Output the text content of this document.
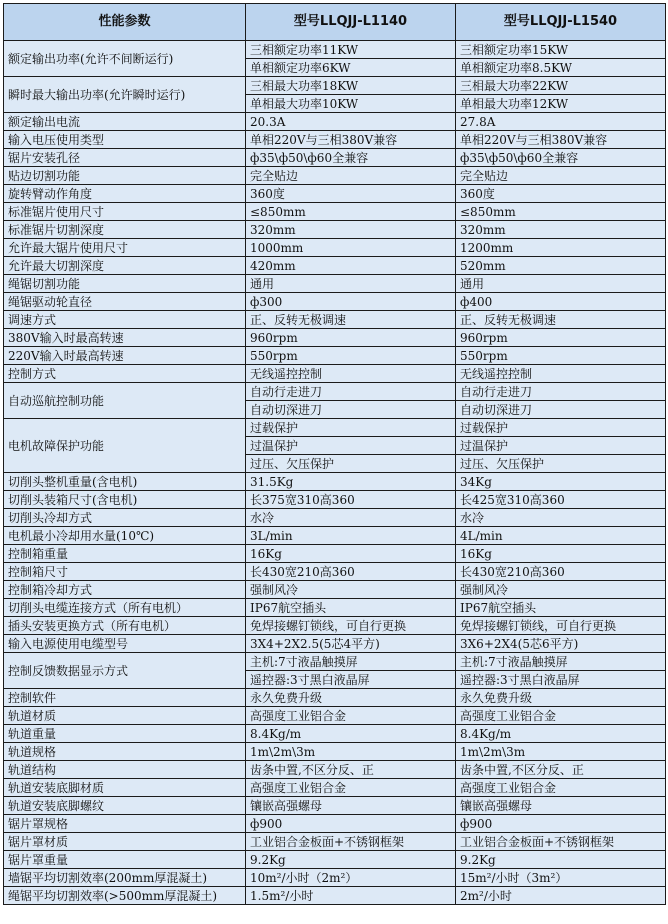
性能参数	型号LLQJJ-L1140	型号LLQJJ-L1540
额定输出功率(允许不间断运行)	三相额定功率11KW	三相额定功率15KW
	单相额定功率6KW	单相额定功率8.5KW
瞬时最大输出功率(允许瞬时运行)	三相最大功率18KW	三相最大功率22KW
	单相最大功率10KW	单相最大功率12KW
额定输出电流	20.3A	27.8A
输入电压使用类型	单相220V与三相380V兼容	单相220V与三相380V兼容
锯片安装孔径	ф35\ф50\ф60全兼容	ф35\ф50\ф60全兼容
贴边切割功能	完全贴边	完全贴边
旋转臂动作角度	360度	360度
标准锯片使用尺寸	≤850mm	≤850mm
标准锯片切割深度	320mm	320mm
允许最大锯片使用尺寸	1000mm	1200mm
允许最大切割深度	420mm	520mm
绳锯切割功能	通用	通用
绳锯驱动轮直径	ф300	ф400
调速方式	正、反转无极调速	正、反转无极调速
380V输入时最高转速	960rpm	960rpm
220V输入时最高转速	550rpm	550rpm
控制方式	无线遥控控制	无线遥控控制
自动巡航控制功能	自动行走进刀	自动行走进刀
	自动切深进刀	自动切深进刀
电机故障保护功能	过载保护	过载保护
	过温保护	过温保护
	过压、欠压保护	过压、欠压保护
切削头整机重量(含电机)	31.5Kg	34Kg
切削头装箱尺寸(含电机)	长375宽310高360	长425宽310高360
切削头冷却方式	水冷	水冷
电机最小冷却用水量(10℃)	3L/min	4L/min
控制箱重量	16Kg	16Kg
控制箱尺寸	长430宽210高360	长430宽210高360
控制箱冷却方式	强制风冷	强制风冷
切削头电缆连接方式（所有电机）	IP67航空插头	IP67航空插头
插头安装更换方式（所有电机）	免焊接螺钉锁线，可自行更换	免焊接螺钉锁线，可自行更换
输入电源使用电缆型号	3X4+2X2.5(5芯4平方)	3X6+2X4(5芯6平方)
控制反馈数据显示方式	主机:7寸液晶触摸屏	主机:7寸液晶触摸屏
	遥控器:3寸黑白液晶屏	遥控器:3寸黑白液晶屏
控制软件	永久免费升级	永久免费升级
轨道材质	高强度工业铝合金	高强度工业铝合金
轨道重量	8.4Kg/m	8.4Kg/m
轨道规格	1m\2m\3m	1m\2m\3m
轨道结构	齿条中置,不区分反、正	齿条中置,不区分反、正
轨道安装底脚材质	高强度工业铝合金	高强度工业铝合金
轨道安装底脚螺纹	镶嵌高强螺母	镶嵌高强螺母
锯片罩规格	ф900	ф900
锯片罩材质	工业铝合金板面+不锈钢框架	工业铝合金板面+不锈钢框架
锯片罩重量	9.2Kg	9.2Kg
墙锯平均切割效率(200mm厚混凝土)	10m²/小时（2m²）	15m²/小时（3m²）
绳锯平均切割效率(>500mm厚混凝土)	1.5m²/小时	2m²/小时
